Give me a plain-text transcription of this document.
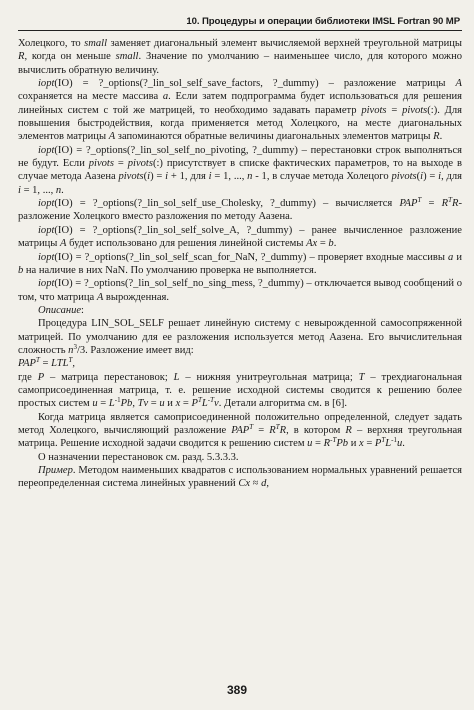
10. Процедуры и операции библиотеки IMSL Fortran 90 MP

Холецкого, то small заменяет диагональный элемент вычисляемой верхней треугольной матрицы R, когда он меньше small. Значение по умолчанию – наименьшее число, для которого можно вычислить обратную величину.

iopt(IO) = ?_options(?_lin_sol_self_save_factors, ?_dummy) – разложение матрицы A сохраняется на месте массива a. Если затем подпрограмма будет использоваться для решения линейных систем с той же матрицей, то необходимо задавать параметр pivots = pivots(:). Для повышения быстродействия, когда применяется метод Холецкого, на месте диагональных элементов матрицы A запоминаются обратные величины диагональных элементов матрицы R.

iopt(IO) = ?_options(?_lin_sol_self_no_pivoting, ?_dummy) – перестановки строк выполняться не будут. Если pivots = pivots(:) присутствует в списке фактических параметров, то на выходе в случае метода Аазена pivots(i) = i + 1, для i = 1, ..., n - 1, в случае метода Холецого pivots(i) = i, для i = 1, ..., n.

iopt(IO) = ?_options(?_lin_sol_self_use_Cholesky, ?_dummy) – вычисляется $PAP^T$ = $R^TR$-разложение Холецкого вместо разложения по методу Аазена.

iopt(IO) = ?_options(?_lin_sol_self_solve_A, ?_dummy) – ранее вычисленное разложение матрицы A будет использовано для решения линейной системы Ax = b.

iopt(IO) = ?_options(?_lin_sol_self_scan_for_NaN, ?_dummy) – проверяет входные массивы a и b на наличие в них NaN. По умолчанию проверка не выполняется.

iopt(IO) = ?_options(?_lin_sol_self_no_sing_mess, ?_dummy) – отключается вывод сообщений о том, что матрица A вырожденная.

Описание:

Процедура LIN_SOL_SELF решает линейную систему с невырожденной самосопряженной матрицей. По умолчанию для ее разложения используется метод Аазена. Его вычислительная сложность $n^3/3$. Разложение имеет вид:

$PAP^T = LTL^T$,

где P – матрица перестановок; L – нижняя унитреугольная матрица; T – трехдиагональная самоприсоединенная матрица, т. е. решение исходной системы сводится к решению более простых систем $u = L^{-1}Pb$, Tv = u и $x = P^TL^{-T}v$. Детали алгоритма см. в [6].

Когда матрица является самоприсоединенной положительно определенной, следует задать метод Холецкого, вычисляющий разложение $PAP^T = R^TR$, в котором R – верхняя треугольная матрица. Решение исходной задачи сводится к решению систем $u = R^{-T}Pb$ и $x = P^TL^{-1}u$.

О назначении перестановок см. разд. 5.3.3.3.

Пример. Методом наименьших квадратов с использованием нормальных уравнений решается переопределенная система линейных уравнений Cx ≈ d,

389
